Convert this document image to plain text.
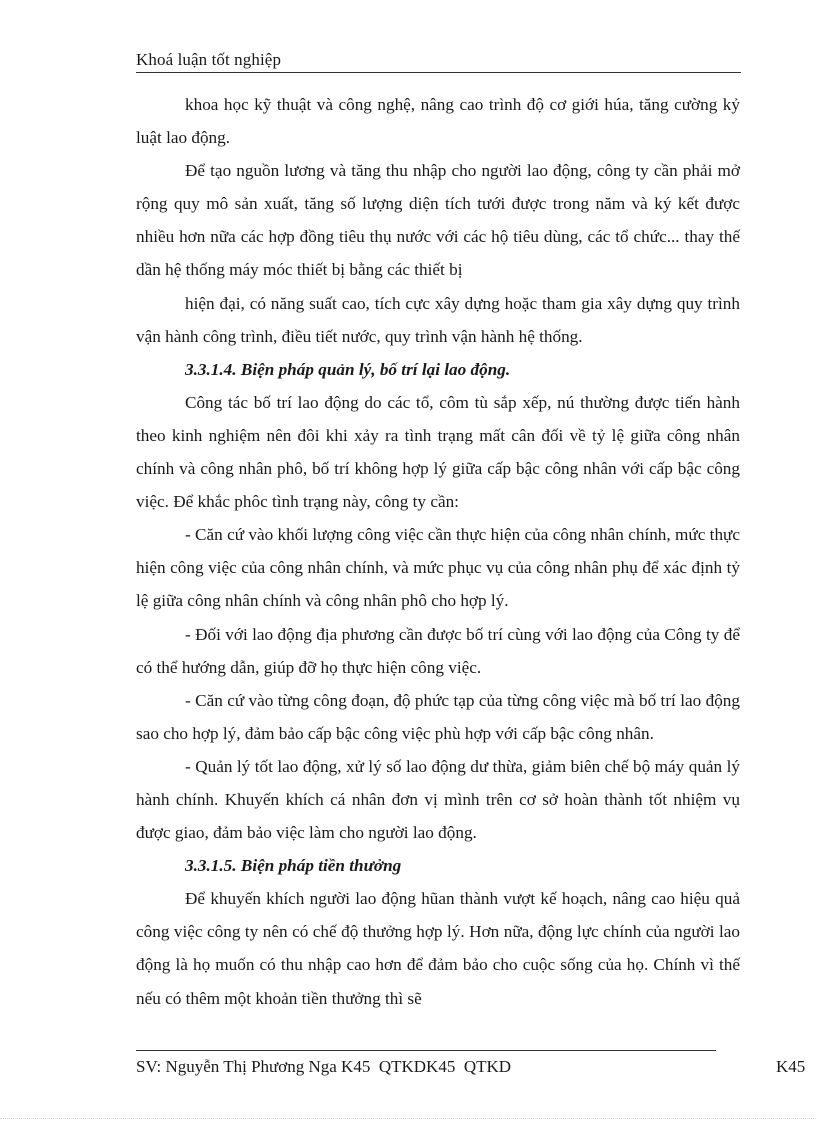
Khoá luận tốt nghiệp

khoa học kỹ thuật và công nghệ, nâng cao trình độ cơ giới húa, tăng cường kỷ luật lao động.

Để tạo nguồn lương và tăng thu nhập cho người lao động, công ty cần phải mở rộng quy mô sản xuất, tăng số lượng diện tích tưới được trong năm và ký kết được nhiều hơn nữa các hợp đồng tiêu thụ nước với các hộ tiêu dùng, các tổ chức... thay thế dần hệ thống máy móc thiết bị bằng các thiết bị

hiện đại, có năng suất cao, tích cực xây dựng hoặc tham gia xây dựng quy trình vận hành công trình, điều tiết nước, quy trình vận hành hệ thống.

3.3.1.4. Biện pháp quản lý, bố trí lại lao động.

Công tác bố trí lao động do các tổ, côm tù sắp xếp, nú thường được tiến hành theo kinh nghiệm nên đôi khi xảy ra tình trạng mất cân đối về tỷ lệ giữa công nhân chính và công nhân phô, bố trí không hợp lý giữa cấp bậc công nhân với cấp bậc công việc. Để khắc phôc tình trạng này, công ty cần:

- Căn cứ vào khối lượng công việc cần thực hiện của công nhân chính, mức thực hiện công việc của công nhân chính, và mức phục vụ của công nhân phụ để xác định tỷ lệ giữa công nhân chính và công nhân phô cho hợp lý.

- Đối với lao động địa phương cần được bố trí cùng với lao động của Công ty để có thể hướng dẫn, giúp đỡ họ thực hiện công việc.

- Căn cứ vào từng công đoạn, độ phức tạp của từng công việc mà bố trí lao động sao cho hợp lý, đảm bảo cấp bậc công việc phù hợp với cấp bậc công nhân.

- Quản lý tốt lao động, xử lý số lao động dư thừa, giảm biên chế bộ máy quản lý hành chính. Khuyến khích cá nhân đơn vị mình trên cơ sở hoàn thành tốt nhiệm vụ được giao, đảm bảo việc làm cho người lao động.

3.3.1.5. Biện pháp tiền thưởng

Để khuyến khích người lao động hũan thành vượt kế hoạch, nâng cao hiệu quả công việc công ty nên có chế độ thưởng hợp lý. Hơn nữa, động lực chính của người lao động là họ muốn có thu nhập cao hơn để đảm bảo cho cuộc sống của họ. Chính vì thế nếu có thêm một khoản tiền thưởng thì sẽ

SV: Nguyễn Thị Phương Nga K45  QTKDK45  QTKD	K45
